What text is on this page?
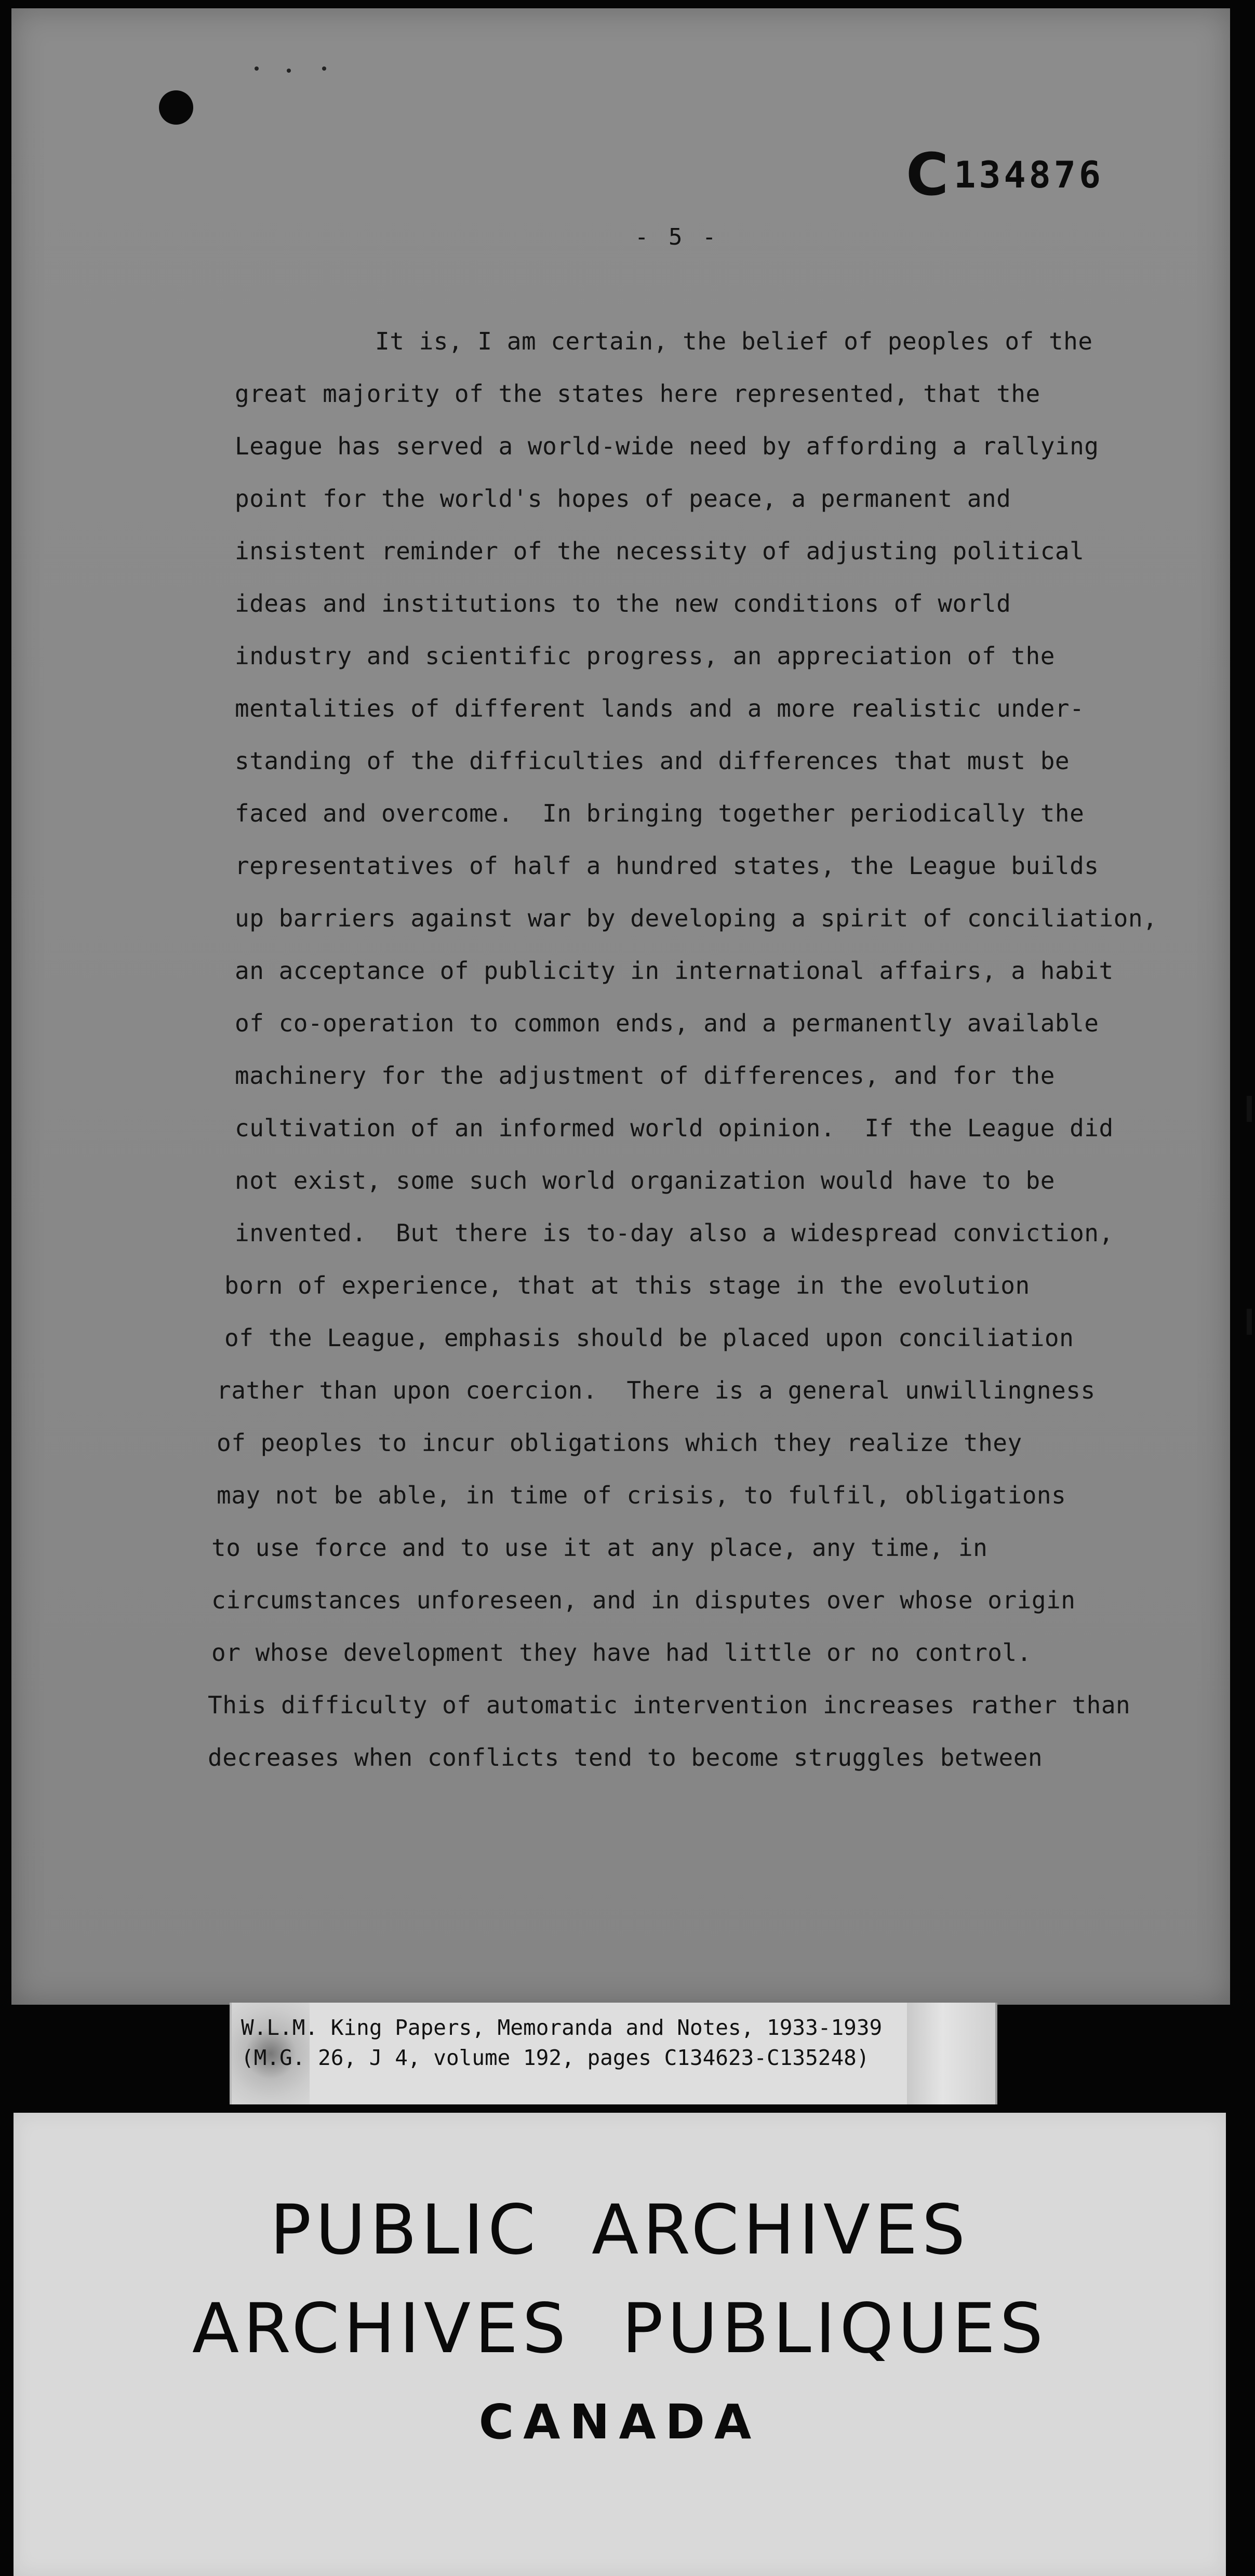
C 134876
- 5 -
It is, I am certain, the belief of peoples of the
great majority of the states here represented, that the
League has served a world-wide need by affording a rallying
point for the world's hopes of peace, a permanent and
insistent reminder of the necessity of adjusting political
ideas and institutions to the new conditions of world
industry and scientific progress, an appreciation of the
mentalities of different lands and a more realistic under-
standing of the difficulties and differences that must be
faced and overcome.  In bringing together periodically the
representatives of half a hundred states, the League builds
up barriers against war by developing a spirit of conciliation,
an acceptance of publicity in international affairs, a habit
of co-operation to common ends, and a permanently available
machinery for the adjustment of differences, and for the
cultivation of an informed world opinion.  If the League did
not exist, some such world organization would have to be
invented.  But there is to-day also a widespread conviction,
born of experience, that at this stage in the evolution
of the League, emphasis should be placed upon conciliation
rather than upon coercion.  There is a general unwillingness
of peoples to incur obligations which they realize they
may not be able, in time of crisis, to fulfil, obligations
to use force and to use it at any place, any time, in
circumstances unforeseen, and in disputes over whose origin
or whose development they have had little or no control.
This difficulty of automatic intervention increases rather than
decreases when conflicts tend to become struggles between
W.L.M. King Papers, Memoranda and Notes, 1933-1939
(M.G. 26, J 4, volume 192, pages C134623-C135248)
PUBLIC  ARCHIVES
ARCHIVES  PUBLIQUES
CANADA
